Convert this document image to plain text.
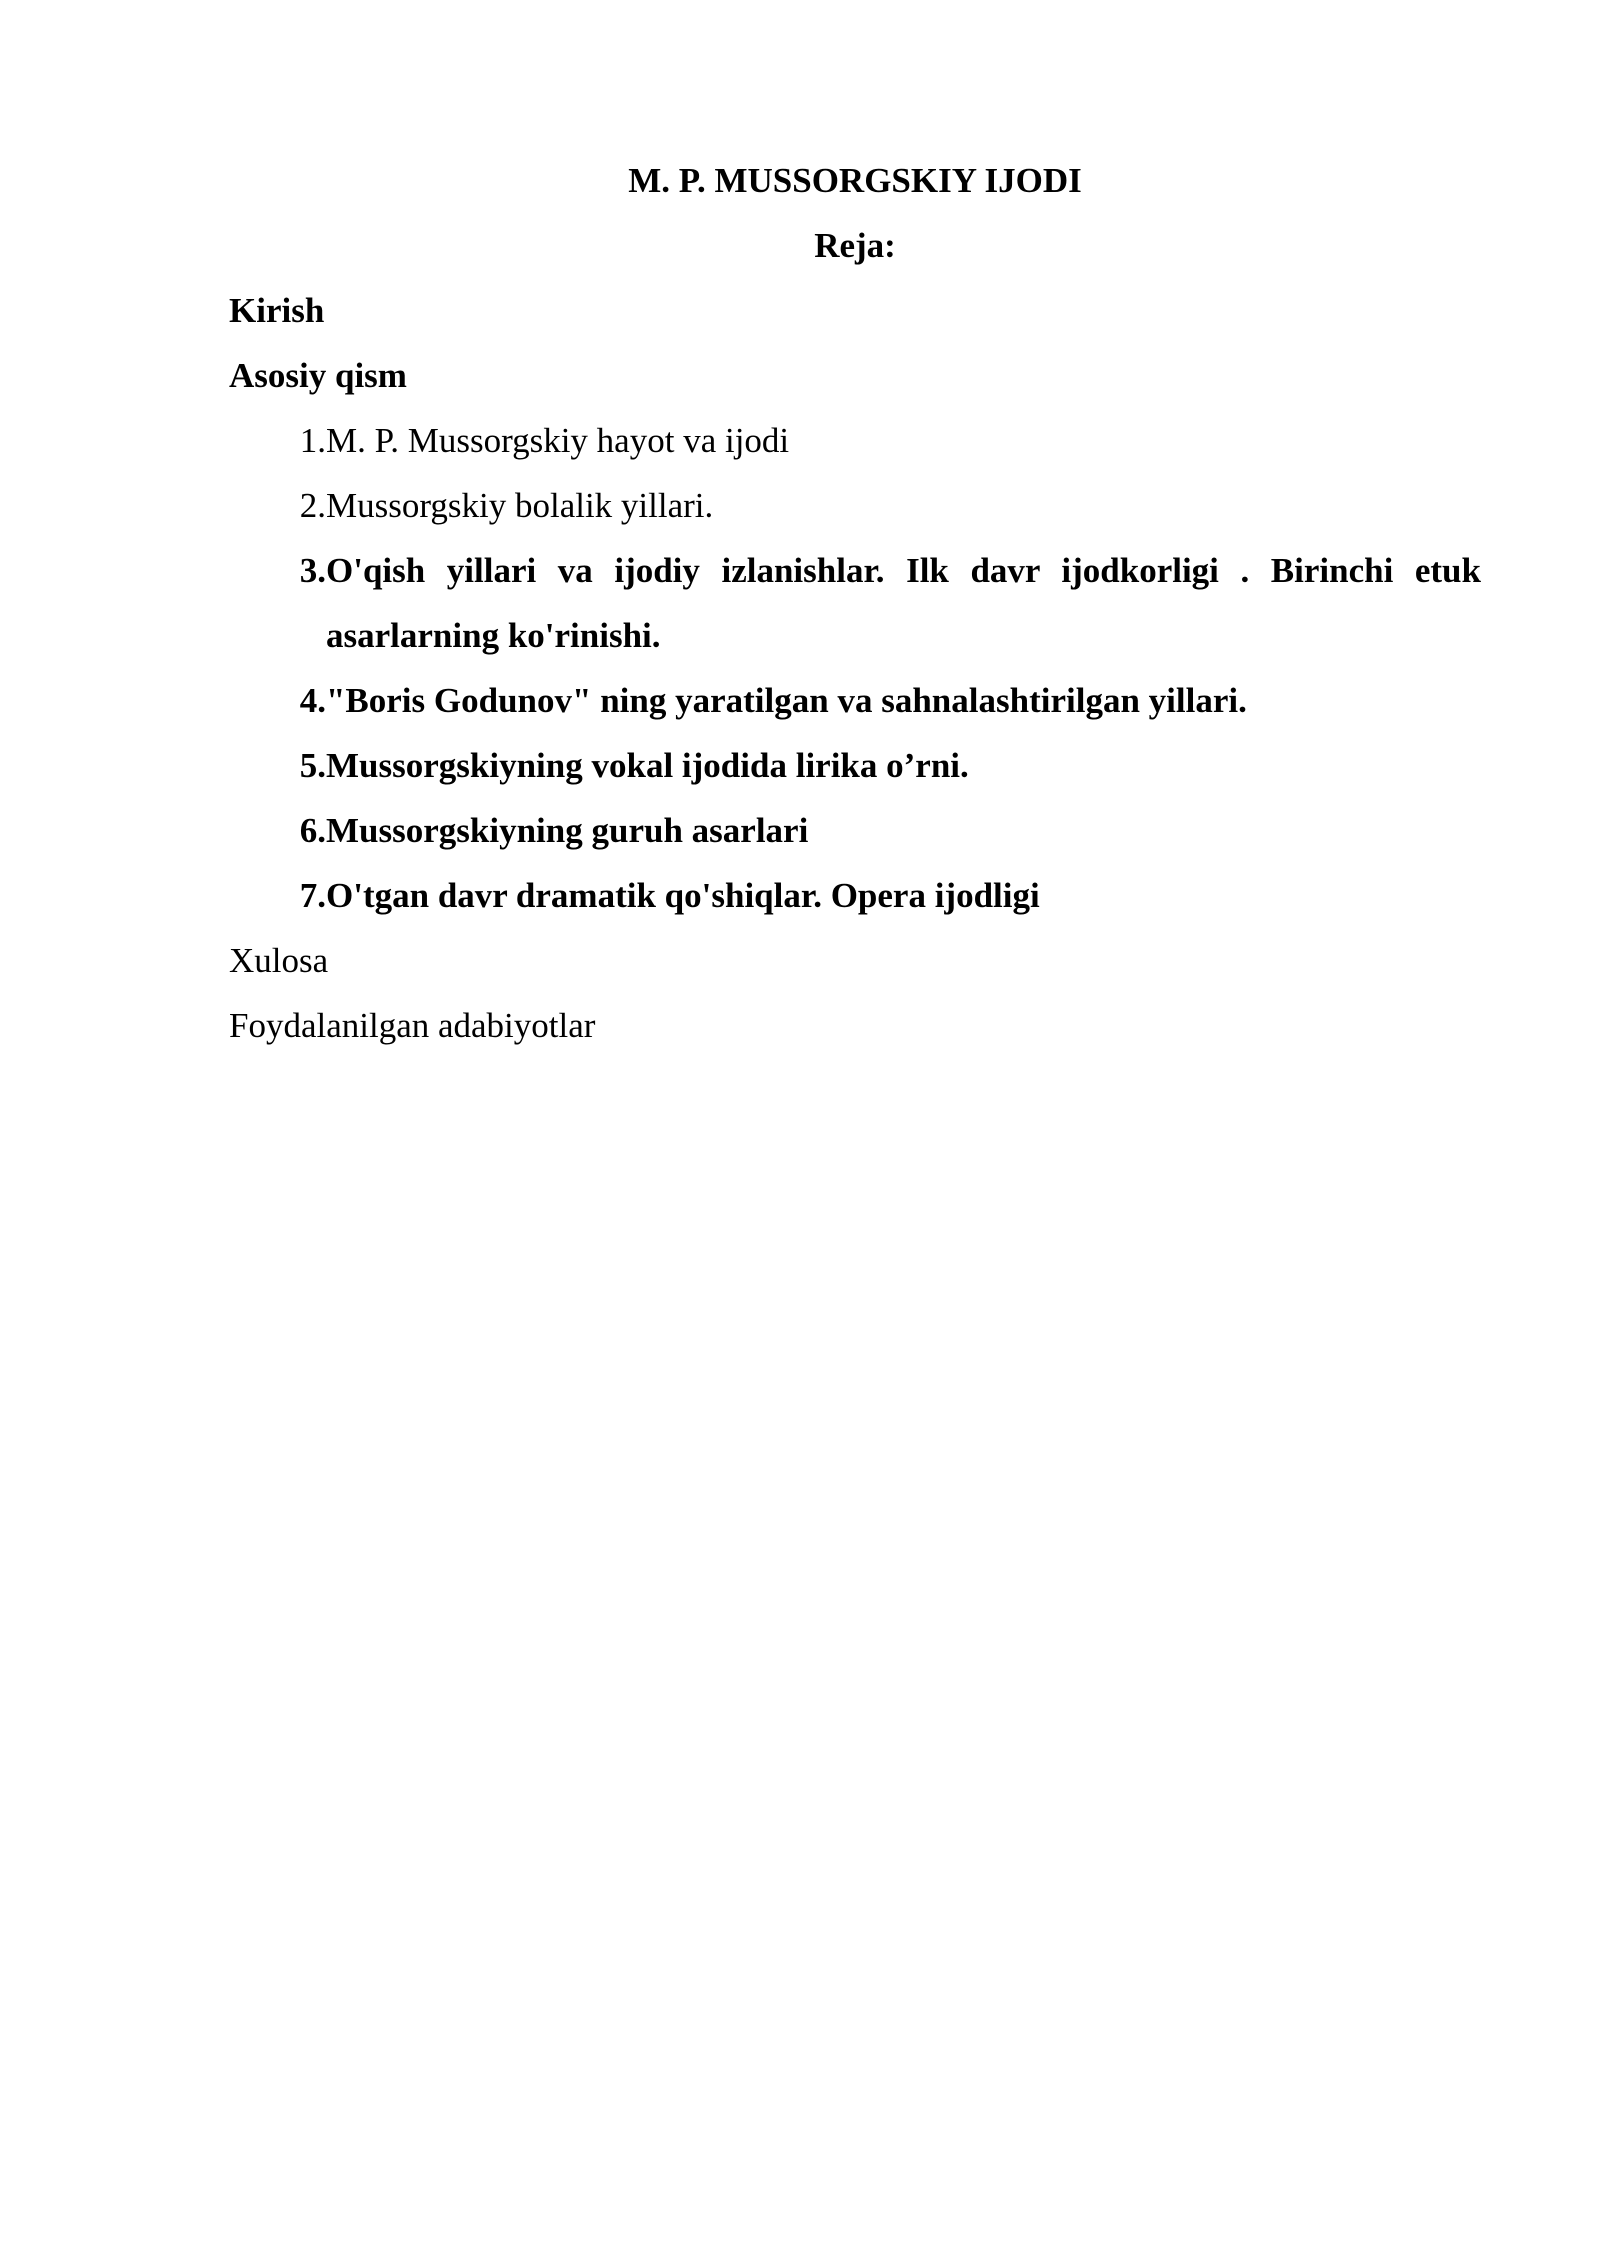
M. P. MUSSORGSKIY IJODI
Reja:
Kirish
Asosiy qism
1. M. P. Mussorgskiy hayot va ijodi
2. Mussorgskiy bolalik yillari.
3. O'qish yillari va ijodiy izlanishlar. Ilk davr ijodkorligi . Birinchi etuk asarlarning ko'rinishi.
4. "Boris Godunov" ning yaratilgan va sahnalashtirilgan yillari.
5. Mussorgskiyning vokal ijodida lirika o’rni.
6. Mussorgskiyning guruh asarlari
7. O'tgan davr dramatik qo'shiqlar. Opera ijodligi
Xulosa
Foydalanilgan adabiyotlar
